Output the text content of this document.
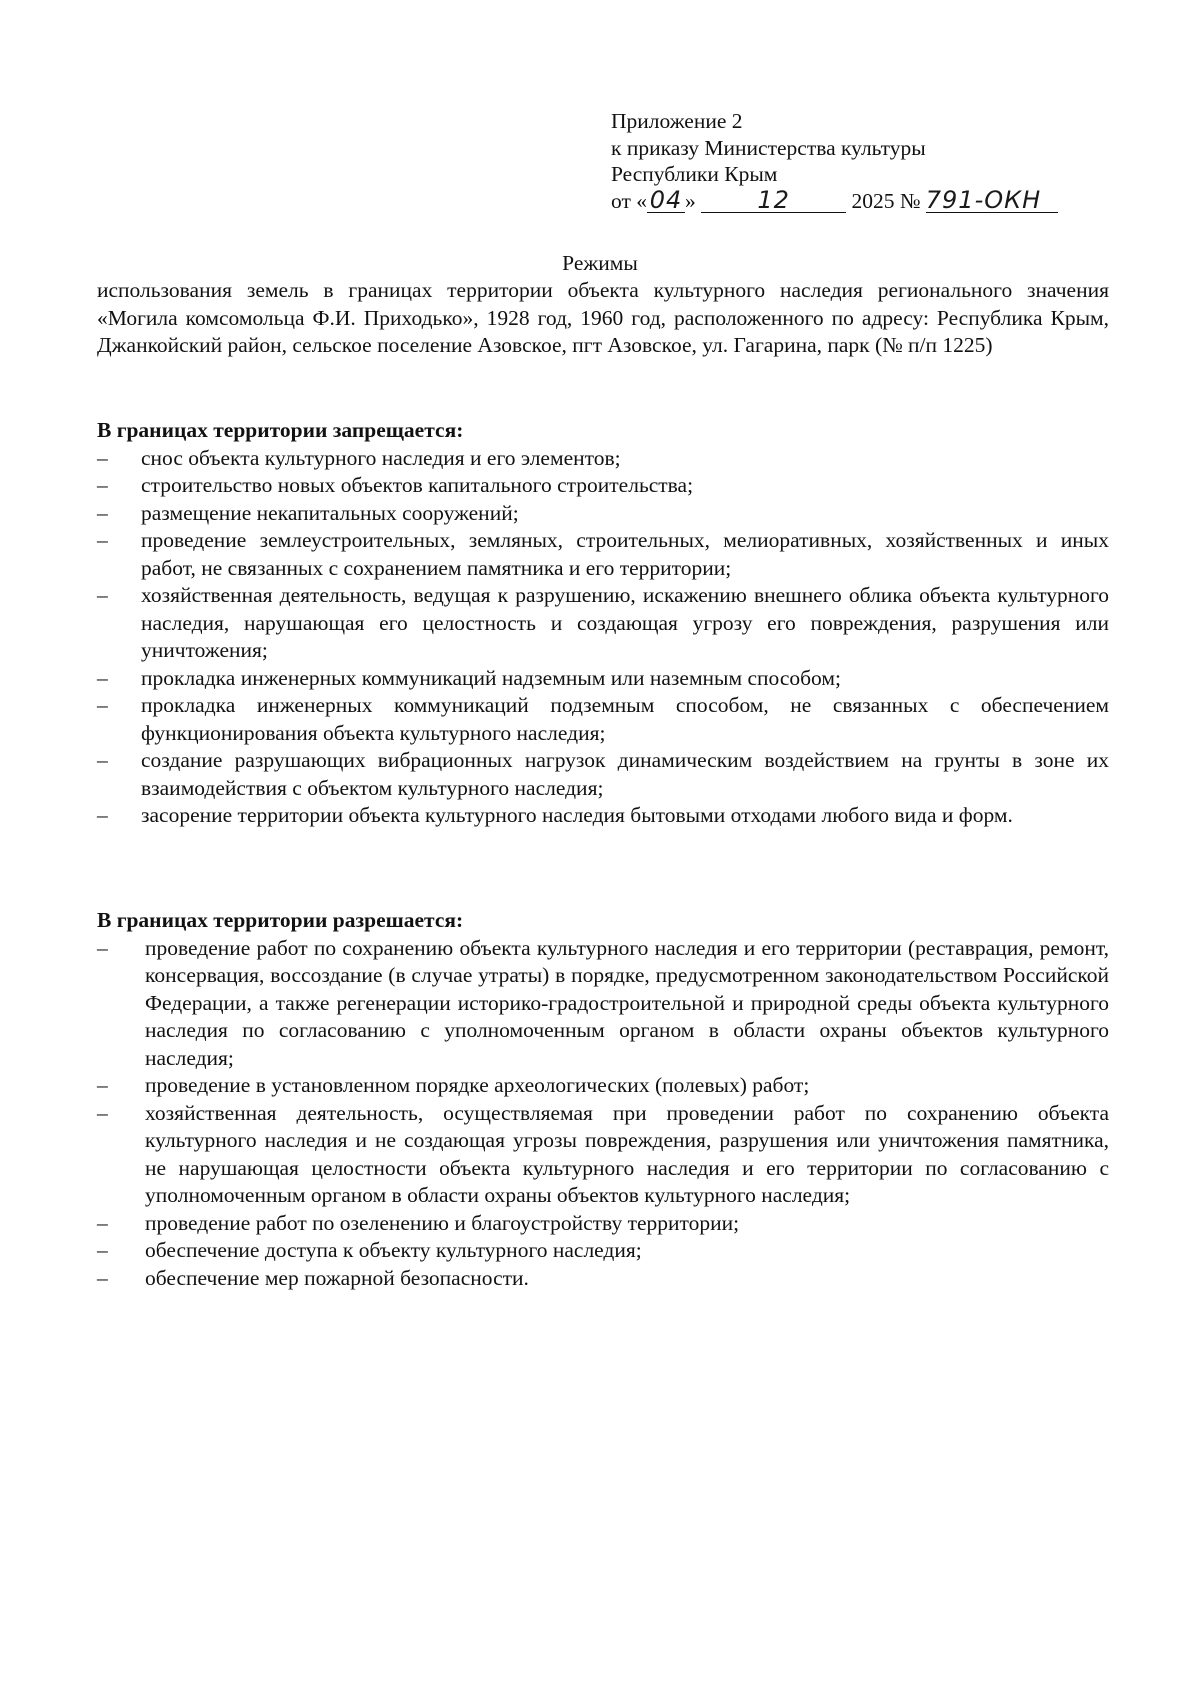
Приложение 2
к приказу Министерства культуры
Республики Крым
от « 04 »	12	2025 № 791-ОКН
Режимы
использования земель в границах территории объекта культурного наследия регионального значения «Могила комсомольца Ф.И. Приходько», 1928 год, 1960 год, расположенного по адресу: Республика Крым, Джанкойский район, сельское поселение Азовское, пгт Азовское, ул. Гагарина, парк (№ п/п 1225)

В границах территории запрещается:

– снос объекта культурного наследия и его элементов;
– строительство новых объектов капитального строительства;
– размещение некапитальных сооружений;
– проведение землеустроительных, земляных, строительных, мелиоративных, хозяйственных и иных работ, не связанных с сохранением памятника и его территории;
– хозяйственная деятельность, ведущая к разрушению, искажению внешнего облика объекта культурного наследия, нарушающая его целостность и создающая угрозу его повреждения, разрушения или уничтожения;
– прокладка инженерных коммуникаций надземным или наземным способом;
– прокладка инженерных коммуникаций подземным способом, не связанных с обеспечением функционирования объекта культурного наследия;
– создание разрушающих вибрационных нагрузок динамическим воздействием на грунты в зоне их взаимодействия с объектом культурного наследия;
– засорение территории объекта культурного наследия бытовыми отходами любого вида и форм.

В границах территории разрешается:

– проведение работ по сохранению объекта культурного наследия и его территории (реставрация, ремонт, консервация, воссоздание (в случае утраты) в порядке, предусмотренном законодательством Российской Федерации, а также регенерации историко-градостроительной и природной среды объекта культурного наследия по согласованию с уполномоченным органом в области охраны объектов культурного наследия;
– проведение в установленном порядке археологических (полевых) работ;
– хозяйственная деятельность, осуществляемая при проведении работ по сохранению объекта культурного наследия и не создающая угрозы повреждения, разрушения или уничтожения памятника, не нарушающая целостности объекта культурного наследия и его территории по согласованию с уполномоченным органом в области охраны объектов культурного наследия;
– проведение работ по озеленению и благоустройству территории;
– обеспечение доступа к объекту культурного наследия;
– обеспечение мер пожарной безопасности.
